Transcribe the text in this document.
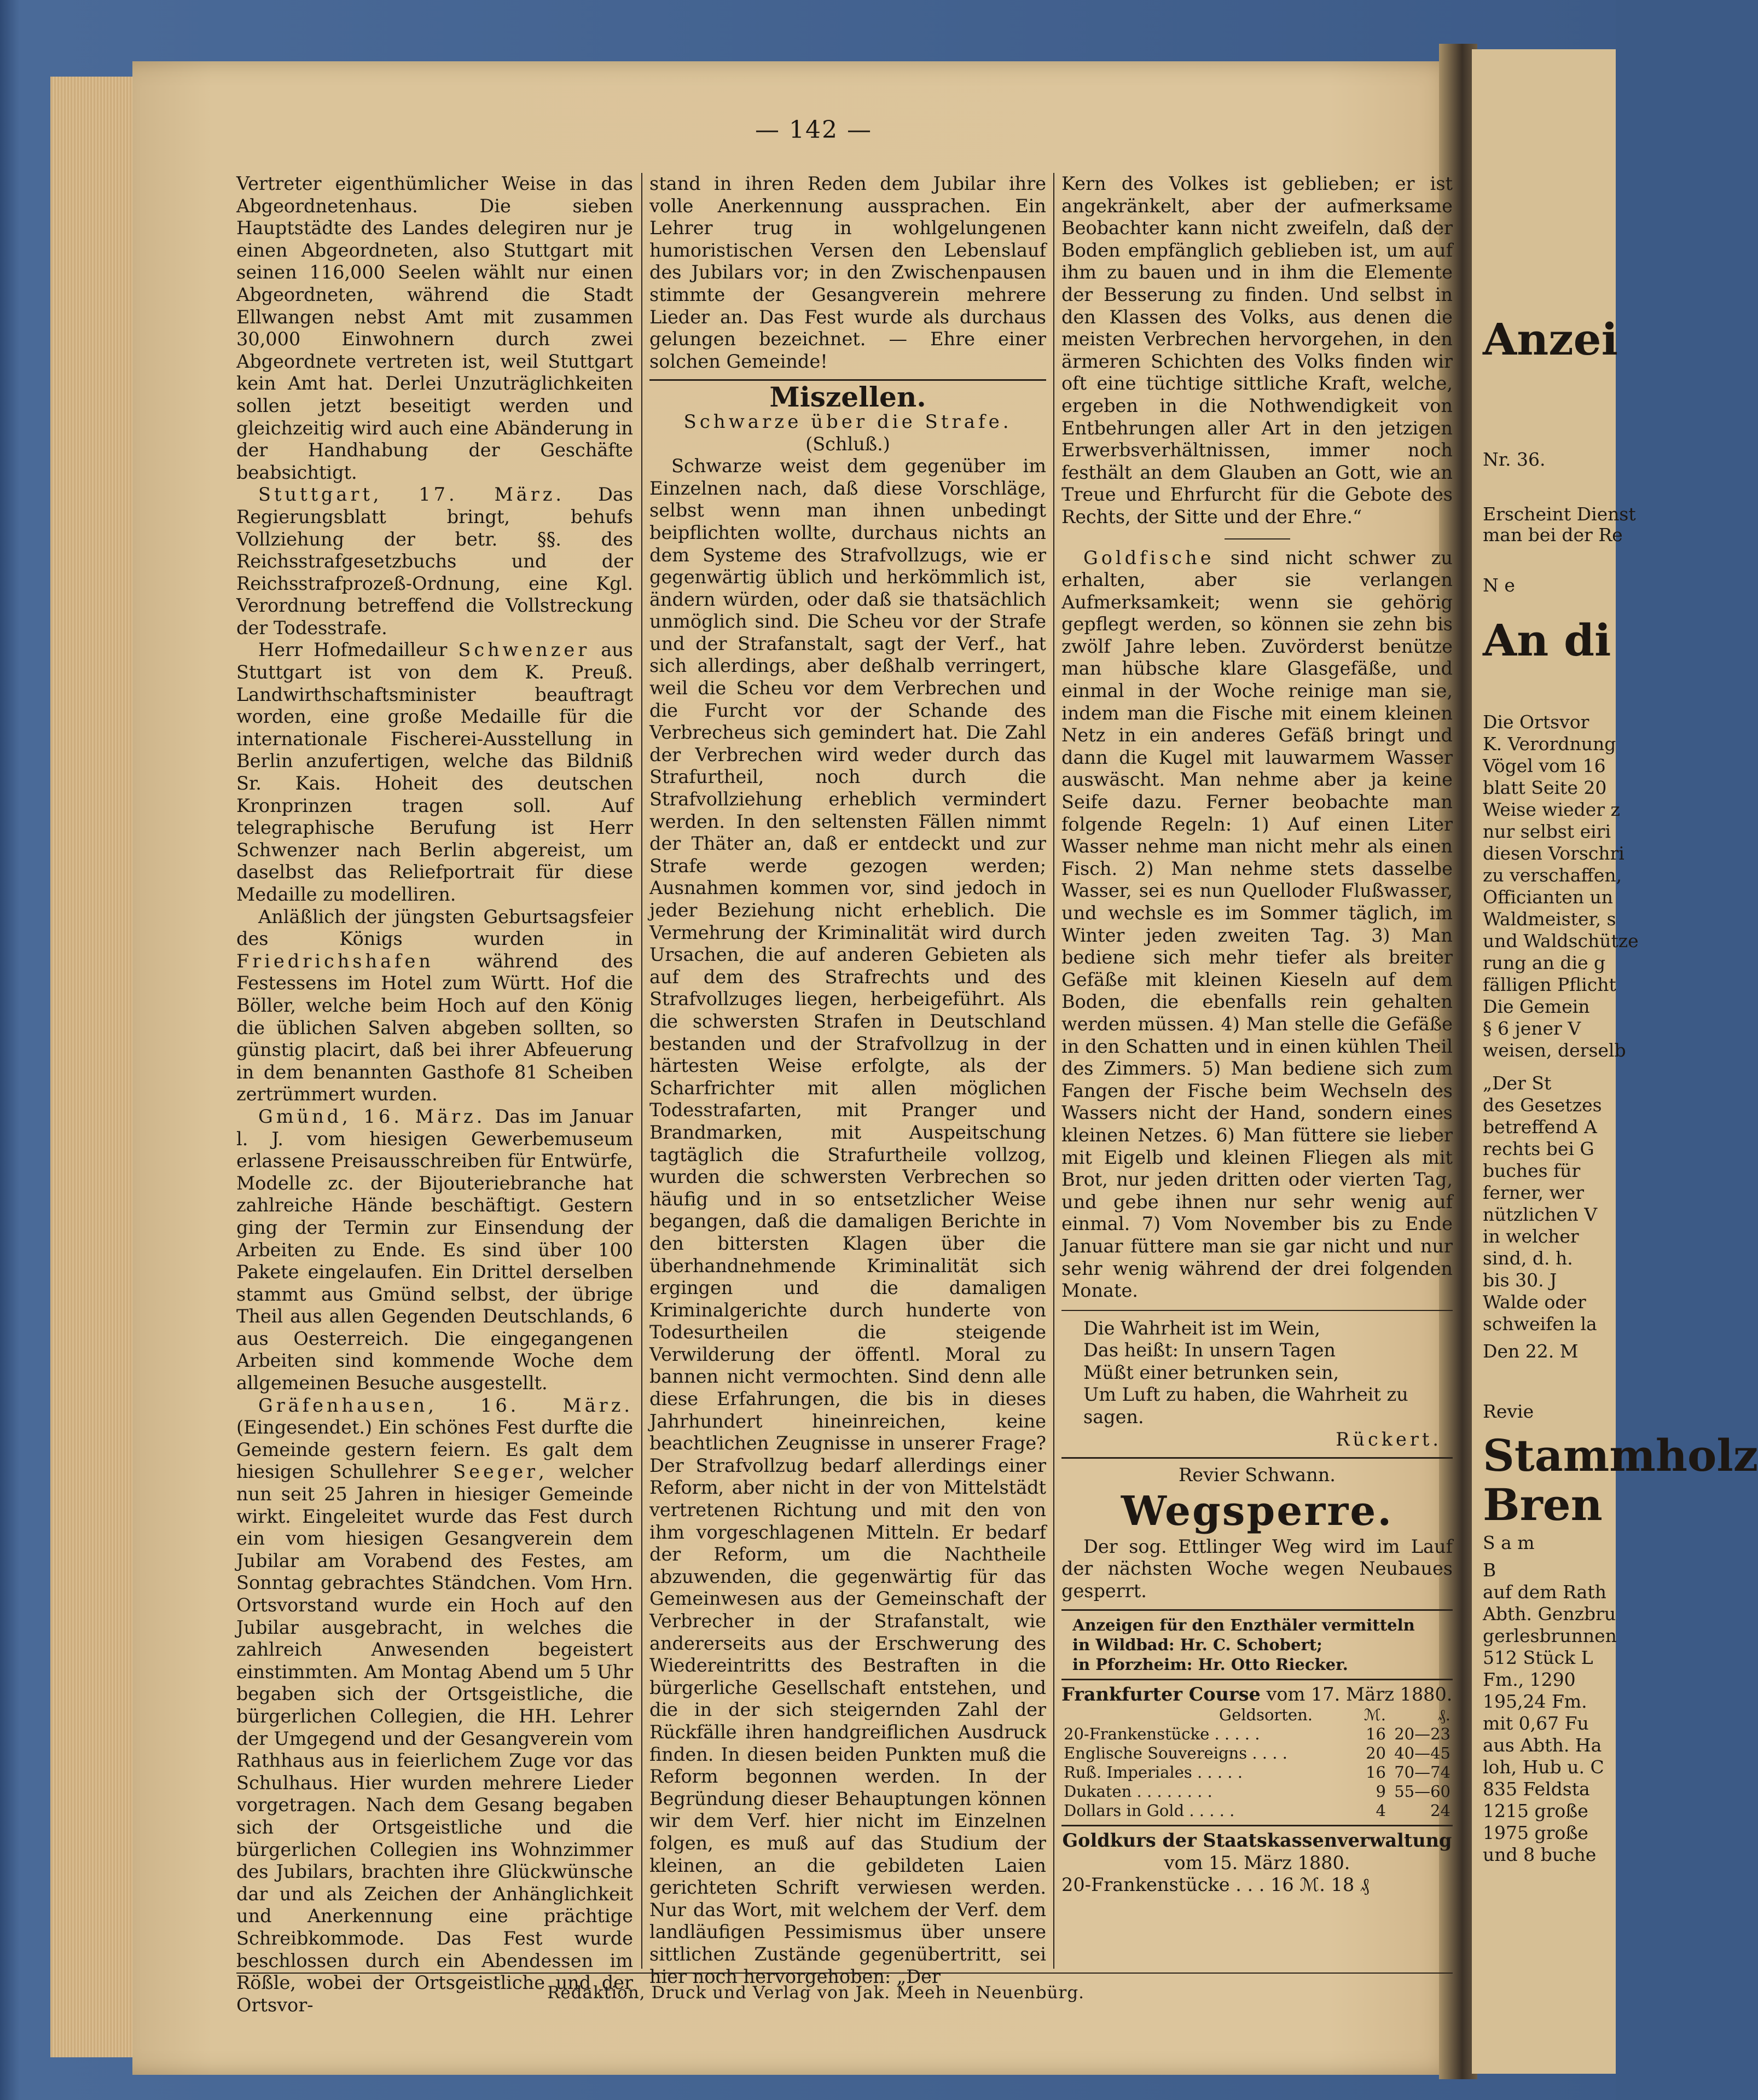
— 142 —

Vertreter eigenthümlicher Weise in das Abgeordnetenhaus. Die sieben Hauptstädte des Landes delegiren nur je einen Abgeordneten, also Stuttgart mit seinen 116,000 Seelen wählt nur einen Abgeordneten, während die Stadt Ellwangen nebst Amt mit zusammen 30,000 Einwohnern durch zwei Abgeordnete vertreten ist, weil Stuttgart kein Amt hat. Derlei Unzuträglichkeiten sollen jetzt beseitigt werden und gleichzeitig wird auch eine Abänderung in der Handhabung der Geschäfte beabsichtigt.

Stuttgart, 17. März. Das Regierungsblatt bringt, behufs Vollziehung der betr. §§. des Reichsstrafgesetzbuchs und der Reichsstrafprozeß-Ordnung, eine Kgl. Verordnung betreffend die Vollstreckung der Todesstrafe.

Herr Hofmedailleur Schwenzer aus Stuttgart ist von dem K. Preuß. Landwirthschaftsminister beauftragt worden, eine große Medaille für die internationale Fischerei-Ausstellung in Berlin anzufertigen, welche das Bildniß Sr. Kais. Hoheit des deutschen Kronprinzen tragen soll. Auf telegraphische Berufung ist Herr Schwenzer nach Berlin abgereist, um daselbst das Reliefportrait für diese Medaille zu modelliren.

Anläßlich der jüngsten Geburtsagsfeier des Königs wurden in Friedrichshafen während des Festessens im Hotel zum Württ. Hof die Böller, welche beim Hoch auf den König die üblichen Salven abgeben sollten, so günstig placirt, daß bei ihrer Abfeuerung in dem benannten Gasthofe 81 Scheiben zertrümmert wurden.

Gmünd, 16. März. Das im Januar l. J. vom hiesigen Gewerbemuseum erlassene Preisausschreiben für Entwürfe, Modelle zc. der Bijouteriebranche hat zahlreiche Hände beschäftigt. Gestern ging der Termin zur Einsendung der Arbeiten zu Ende. Es sind über 100 Pakete eingelaufen. Ein Drittel derselben stammt aus Gmünd selbst, der übrige Theil aus allen Gegenden Deutschlands, 6 aus Oesterreich. Die eingegangenen Arbeiten sind kommende Woche dem allgemeinen Besuche ausgestellt.

Gräfenhausen, 16. März. (Eingesendet.) Ein schönes Fest durfte die Gemeinde gestern feiern. Es galt dem hiesigen Schullehrer Seeger, welcher nun seit 25 Jahren in hiesiger Gemeinde wirkt. Eingeleitet wurde das Fest durch ein vom hiesigen Gesangverein dem Jubilar am Vorabend des Festes, am Sonntag gebrachtes Ständchen. Vom Hrn. Ortsvorstand wurde ein Hoch auf den Jubilar ausgebracht, in welches die zahlreich Anwesenden begeistert einstimmten. Am Montag Abend um 5 Uhr begaben sich der Ortsgeistliche, die bürgerlichen Collegien, die HH. Lehrer der Umgegend und der Gesangverein vom Rathhaus aus in feierlichem Zuge vor das Schulhaus. Hier wurden mehrere Lieder vorgetragen. Nach dem Gesang begaben sich der Ortsgeistliche und die bürgerlichen Collegien ins Wohnzimmer des Jubilars, brachten ihre Glückwünsche dar und als Zeichen der Anhänglichkeit und Anerkennung eine prächtige Schreibkommode. Das Fest wurde beschlossen durch ein Abendessen im Rößle, wobei der Ortsgeistliche und der Ortsvor-

stand in ihren Reden dem Jubilar ihre volle Anerkennung aussprachen. Ein Lehrer trug in wohlgelungenen humoristischen Versen den Lebenslauf des Jubilars vor; in den Zwischenpausen stimmte der Gesangverein mehrere Lieder an. Das Fest wurde als durchaus gelungen bezeichnet. — Ehre einer solchen Gemeinde!

Miszellen.
Schwarze über die Strafe.
(Schluß.)

Schwarze weist dem gegenüber im Einzelnen nach, daß diese Vorschläge, selbst wenn man ihnen unbedingt beipflichten wollte, durchaus nichts an dem Systeme des Strafvollzugs, wie er gegenwärtig üblich und herkömmlich ist, ändern würden, oder daß sie thatsächlich unmöglich sind. Die Scheu vor der Strafe und der Strafanstalt, sagt der Verf., hat sich allerdings, aber deßhalb verringert, weil die Scheu vor dem Verbrechen und die Furcht vor der Schande des Verbrecheus sich gemindert hat. Die Zahl der Verbrechen wird weder durch das Strafurtheil, noch durch die Strafvollziehung erheblich vermindert werden. In den seltensten Fällen nimmt der Thäter an, daß er entdeckt und zur Strafe werde gezogen werden; Ausnahmen kommen vor, sind jedoch in jeder Beziehung nicht erheblich. Die Vermehrung der Kriminalität wird durch Ursachen, die auf anderen Gebieten als auf dem des Strafrechts und des Strafvollzuges liegen, herbeigeführt. Als die schwersten Strafen in Deutschland bestanden und der Strafvollzug in der härtesten Weise erfolgte, als der Scharfrichter mit allen möglichen Todesstrafarten, mit Pranger und Brandmarken, mit Auspeitschung tagtäglich die Strafurtheile vollzog, wurden die schwersten Verbrechen so häufig und in so entsetzlicher Weise begangen, daß die damaligen Berichte in den bittersten Klagen über die überhandnehmende Kriminalität sich ergingen und die damaligen Kriminalgerichte durch hunderte von Todesurtheilen die steigende Verwilderung der öffentl. Moral zu bannen nicht vermochten. Sind denn alle diese Erfahrungen, die bis in dieses Jahrhundert hineinreichen, keine beachtlichen Zeugnisse in unserer Frage? Der Strafvollzug bedarf allerdings einer Reform, aber nicht in der von Mittelstädt vertretenen Richtung und mit den von ihm vorgeschlagenen Mitteln. Er bedarf der Reform, um die Nachtheile abzuwenden, die gegenwärtig für das Gemeinwesen aus der Gemeinschaft der Verbrecher in der Strafanstalt, wie andererseits aus der Erschwerung des Wiedereintritts des Bestraften in die bürgerliche Gesellschaft entstehen, und die in der sich steigernden Zahl der Rückfälle ihren handgreiflichen Ausdruck finden. In diesen beiden Punkten muß die Reform begonnen werden. In der Begründung dieser Behauptungen können wir dem Verf. hier nicht im Einzelnen folgen, es muß auf das Studium der kleinen, an die gebildeten Laien gerichteten Schrift verwiesen werden. Nur das Wort, mit welchem der Verf. dem landläufigen Pessimismus über unsere sittlichen Zustände gegenübertritt, sei hier noch hervorgehoben: „Der

Kern des Volkes ist geblieben; er ist angekränkelt, aber der aufmerksame Beobachter kann nicht zweifeln, daß der Boden empfänglich geblieben ist, um auf ihm zu bauen und in ihm die Elemente der Besserung zu finden. Und selbst in den Klassen des Volks, aus denen die meisten Verbrechen hervorgehen, in den ärmeren Schichten des Volks finden wir oft eine tüchtige sittliche Kraft, welche, ergeben in die Nothwendigkeit von Entbehrungen aller Art in den jetzigen Erwerbsverhältnissen, immer noch festhält an dem Glauben an Gott, wie an Treue und Ehrfurcht für die Gebote des Rechts, der Sitte und der Ehre.“

Goldfische sind nicht schwer zu erhalten, aber sie verlangen Aufmerksamkeit; wenn sie gehörig gepflegt werden, so können sie zehn bis zwölf Jahre leben. Zuvörderst benütze man hübsche klare Glasgefäße, und einmal in der Woche reinige man sie, indem man die Fische mit einem kleinen Netz in ein anderes Gefäß bringt und dann die Kugel mit lauwarmem Wasser auswäscht. Man nehme aber ja keine Seife dazu. Ferner beobachte man folgende Regeln: 1) Auf einen Liter Wasser nehme man nicht mehr als einen Fisch. 2) Man nehme stets dasselbe Wasser, sei es nun Quelloder Flußwasser, und wechsle es im Sommer täglich, im Winter jeden zweiten Tag. 3) Man bediene sich mehr tiefer als breiter Gefäße mit kleinen Kieseln auf dem Boden, die ebenfalls rein gehalten werden müssen. 4) Man stelle die Gefäße in den Schatten und in einen kühlen Theil des Zimmers. 5) Man bediene sich zum Fangen der Fische beim Wechseln des Wassers nicht der Hand, sondern eines kleinen Netzes. 6) Man füttere sie lieber mit Eigelb und kleinen Fliegen als mit Brot, nur jeden dritten oder vierten Tag, und gebe ihnen nur sehr wenig auf einmal. 7) Vom November bis zu Ende Januar füttere man sie gar nicht und nur sehr wenig während der drei folgenden Monate.

Die Wahrheit ist im Wein,
Das heißt: In unsern Tagen
Müßt einer betrunken sein,
Um Luft zu haben, die Wahrheit zu sagen.
Rückert.
Revier Schwann.
Wegsperre.

Der sog. Ettlinger Weg wird im Lauf der nächsten Woche wegen Neubaues gesperrt.

Anzeigen für den Enzthäler vermitteln
in Wildbad: Hr. C. Schobert;
in Pforzheim: Hr. Otto Riecker.
Frankfurter Course vom 17. März 1880.
Geldsorten.	ℳ.	₰.
20-Frankenstücke . . . . .	16	20—23
Englische Souvereigns . . . .	20	40—45
Ruß. Imperiales . . . . .	16	70—74
Dukaten . . . . . . . .	9	55—60
Dollars in Gold . . . . .	4	24
Goldkurs der Staatskassenverwaltung
vom 15. März 1880.
20-Frankenstücke . . . 16 ℳ. 18 ₰
Redaktion, Druck und Verlag von Jak. Meeh in Neuenbürg.
Anzei
Nr. 36.
Erscheint Dienst
man bei der Re
N e
An di
Die Ortsvor
K. Verordnung
Vögel vom 16
blatt Seite 20
Weise wieder z
nur selbst eiri
diesen Vorschri
zu verschaffen,
Officianten un
Waldmeister, s
und Waldschütze
rung an die g
fälligen Pflicht
Die Gemein
§ 6 jener V
weisen, derselb
„Der St
des Gesetzes
betreffend A
rechts bei G
buches für
ferner, wer
nützlichen V
in welcher
sind, d. h.
bis 30. J
Walde oder
schweifen la
Den 22. M
Revie
Stammholz
Bren
S a m
B
auf dem Rath
Abth. Genzbru
gerlesbrunnen
512 Stück L
Fm., 1290
195,24 Fm.
mit 0,67 Fu
aus Abth. Ha
loh, Hub u. C
835 Feldsta
1215 große
1975 große
und 8 buche
